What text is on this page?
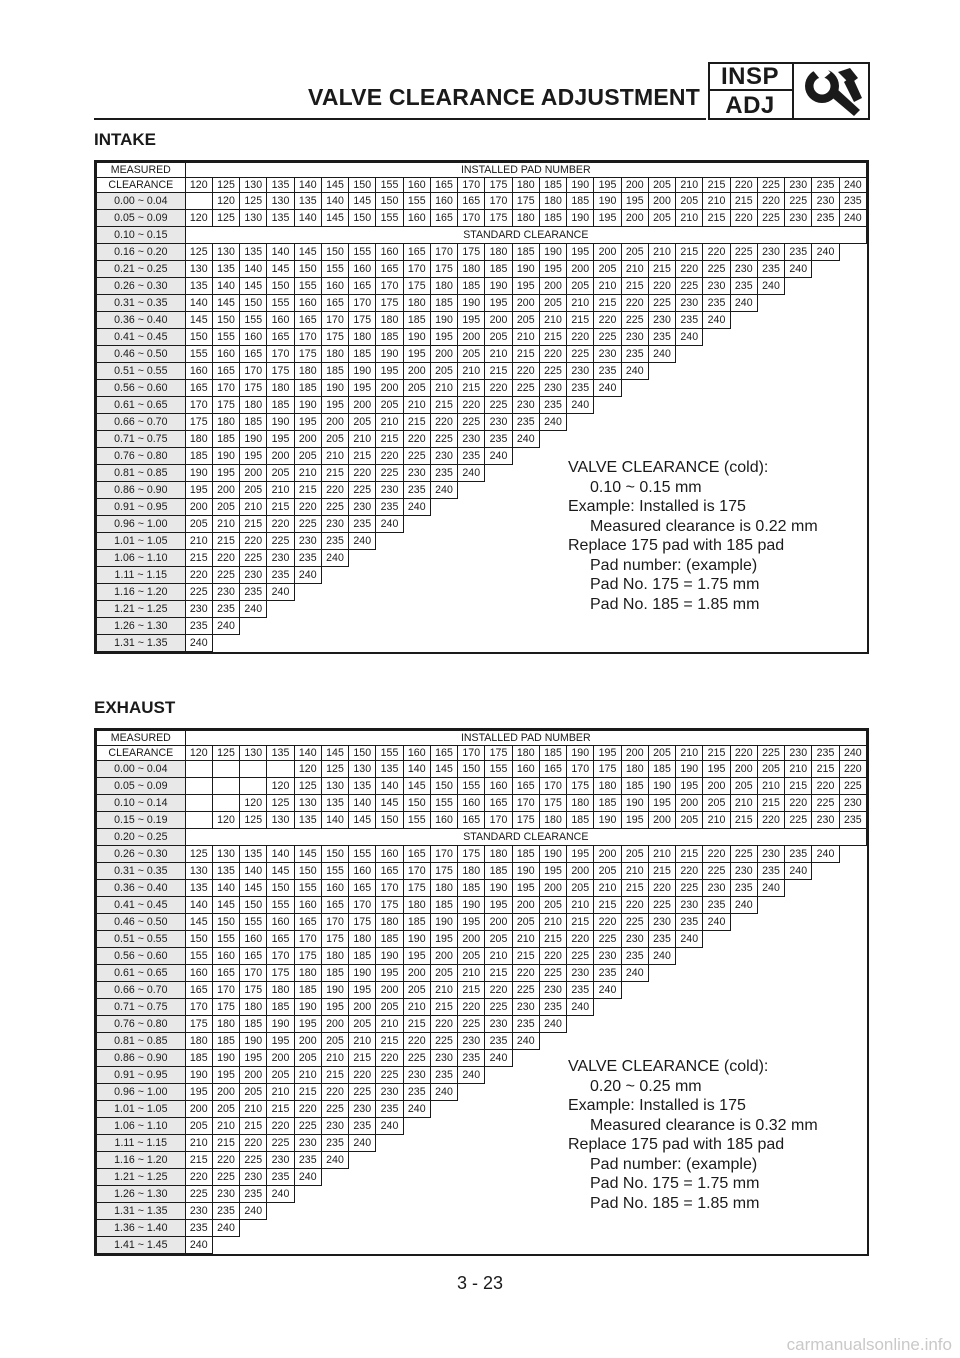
VALVE CLEARANCE ADJUSTMENT
INSP
ADJ
INTAKE
MEASURED	INSTALLED PAD NUMBER																								
CLEARANCE	120	125	130	135	140	145	150	155	160	165	170	175	180	185	190	195	200	205	210	215	220	225	230	235	240
0.00 ~ 0.04		120	125	130	135	140	145	150	155	160	165	170	175	180	185	190	195	200	205	210	215	220	225	230	235
0.05 ~ 0.09	120	125	130	135	140	145	150	155	160	165	170	175	180	185	190	195	200	205	210	215	220	225	230	235	240
0.10 ~ 0.15	STANDARD CLEARANCE																								
0.16 ~ 0.20	125	130	135	140	145	150	155	160	165	170	175	180	185	190	195	200	205	210	215	220	225	230	235	240	
0.21 ~ 0.25	130	135	140	145	150	155	160	165	170	175	180	185	190	195	200	205	210	215	220	225	230	235	240		
0.26 ~ 0.30	135	140	145	150	155	160	165	170	175	180	185	190	195	200	205	210	215	220	225	230	235	240			
0.31 ~ 0.35	140	145	150	155	160	165	170	175	180	185	190	195	200	205	210	215	220	225	230	235	240				
0.36 ~ 0.40	145	150	155	160	165	170	175	180	185	190	195	200	205	210	215	220	225	230	235	240					
0.41 ~ 0.45	150	155	160	165	170	175	180	185	190	195	200	205	210	215	220	225	230	235	240						
0.46 ~ 0.50	155	160	165	170	175	180	185	190	195	200	205	210	215	220	225	230	235	240							
0.51 ~ 0.55	160	165	170	175	180	185	190	195	200	205	210	215	220	225	230	235	240								
0.56 ~ 0.60	165	170	175	180	185	190	195	200	205	210	215	220	225	230	235	240									
0.61 ~ 0.65	170	175	180	185	190	195	200	205	210	215	220	225	230	235	240										
0.66 ~ 0.70	175	180	185	190	195	200	205	210	215	220	225	230	235	240											
0.71 ~ 0.75	180	185	190	195	200	205	210	215	220	225	230	235	240												
0.76 ~ 0.80	185	190	195	200	205	210	215	220	225	230	235	240													
0.81 ~ 0.85	190	195	200	205	210	215	220	225	230	235	240														
0.86 ~ 0.90	195	200	205	210	215	220	225	230	235	240															
0.91 ~ 0.95	200	205	210	215	220	225	230	235	240																
0.96 ~ 1.00	205	210	215	220	225	230	235	240																	
1.01 ~ 1.05	210	215	220	225	230	235	240																		
1.06 ~ 1.10	215	220	225	230	235	240																			
1.11 ~ 1.15	220	225	230	235	240																				
1.16 ~ 1.20	225	230	235	240																					
1.21 ~ 1.25	230	235	240																						
1.26 ~ 1.30	235	240																							
1.31 ~ 1.35	240																								
VALVE CLEARANCE (cold):
0.10 ~ 0.15 mm
Example: Installed is 175
Measured clearance is 0.22 mm
Replace 175 pad with 185 pad
Pad number: (example)
Pad No. 175 = 1.75 mm
Pad No. 185 = 1.85 mm
EXHAUST
MEASURED	INSTALLED PAD NUMBER																								
CLEARANCE	120	125	130	135	140	145	150	155	160	165	170	175	180	185	190	195	200	205	210	215	220	225	230	235	240
0.00 ~ 0.04					120	125	130	135	140	145	150	155	160	165	170	175	180	185	190	195	200	205	210	215	220
0.05 ~ 0.09				120	125	130	135	140	145	150	155	160	165	170	175	180	185	190	195	200	205	210	215	220	225
0.10 ~ 0.14			120	125	130	135	140	145	150	155	160	165	170	175	180	185	190	195	200	205	210	215	220	225	230
0.15 ~ 0.19		120	125	130	135	140	145	150	155	160	165	170	175	180	185	190	195	200	205	210	215	220	225	230	235
0.20 ~ 0.25	STANDARD CLEARANCE																								
0.26 ~ 0.30	125	130	135	140	145	150	155	160	165	170	175	180	185	190	195	200	205	210	215	220	225	230	235	240	
0.31 ~ 0.35	130	135	140	145	150	155	160	165	170	175	180	185	190	195	200	205	210	215	220	225	230	235	240		
0.36 ~ 0.40	135	140	145	150	155	160	165	170	175	180	185	190	195	200	205	210	215	220	225	230	235	240			
0.41 ~ 0.45	140	145	150	155	160	165	170	175	180	185	190	195	200	205	210	215	220	225	230	235	240				
0.46 ~ 0.50	145	150	155	160	165	170	175	180	185	190	195	200	205	210	215	220	225	230	235	240					
0.51 ~ 0.55	150	155	160	165	170	175	180	185	190	195	200	205	210	215	220	225	230	235	240						
0.56 ~ 0.60	155	160	165	170	175	180	185	190	195	200	205	210	215	220	225	230	235	240							
0.61 ~ 0.65	160	165	170	175	180	185	190	195	200	205	210	215	220	225	230	235	240								
0.66 ~ 0.70	165	170	175	180	185	190	195	200	205	210	215	220	225	230	235	240									
0.71 ~ 0.75	170	175	180	185	190	195	200	205	210	215	220	225	230	235	240										
0.76 ~ 0.80	175	180	185	190	195	200	205	210	215	220	225	230	235	240											
0.81 ~ 0.85	180	185	190	195	200	205	210	215	220	225	230	235	240												
0.86 ~ 0.90	185	190	195	200	205	210	215	220	225	230	235	240													
0.91 ~ 0.95	190	195	200	205	210	215	220	225	230	235	240														
0.96 ~ 1.00	195	200	205	210	215	220	225	230	235	240															
1.01 ~ 1.05	200	205	210	215	220	225	230	235	240																
1.06 ~ 1.10	205	210	215	220	225	230	235	240																	
1.11 ~ 1.15	210	215	220	225	230	235	240																		
1.16 ~ 1.20	215	220	225	230	235	240																			
1.21 ~ 1.25	220	225	230	235	240																				
1.26 ~ 1.30	225	230	235	240																					
1.31 ~ 1.35	230	235	240																						
1.36 ~ 1.40	235	240																							
1.41 ~ 1.45	240																								
VALVE CLEARANCE (cold):
0.20 ~ 0.25 mm
Example: Installed is 175
Measured clearance is 0.32 mm
Replace 175 pad with 185 pad
Pad number: (example)
Pad No. 175 = 1.75 mm
Pad No. 185 = 1.85 mm
3 - 23
carmanualsonline.info
